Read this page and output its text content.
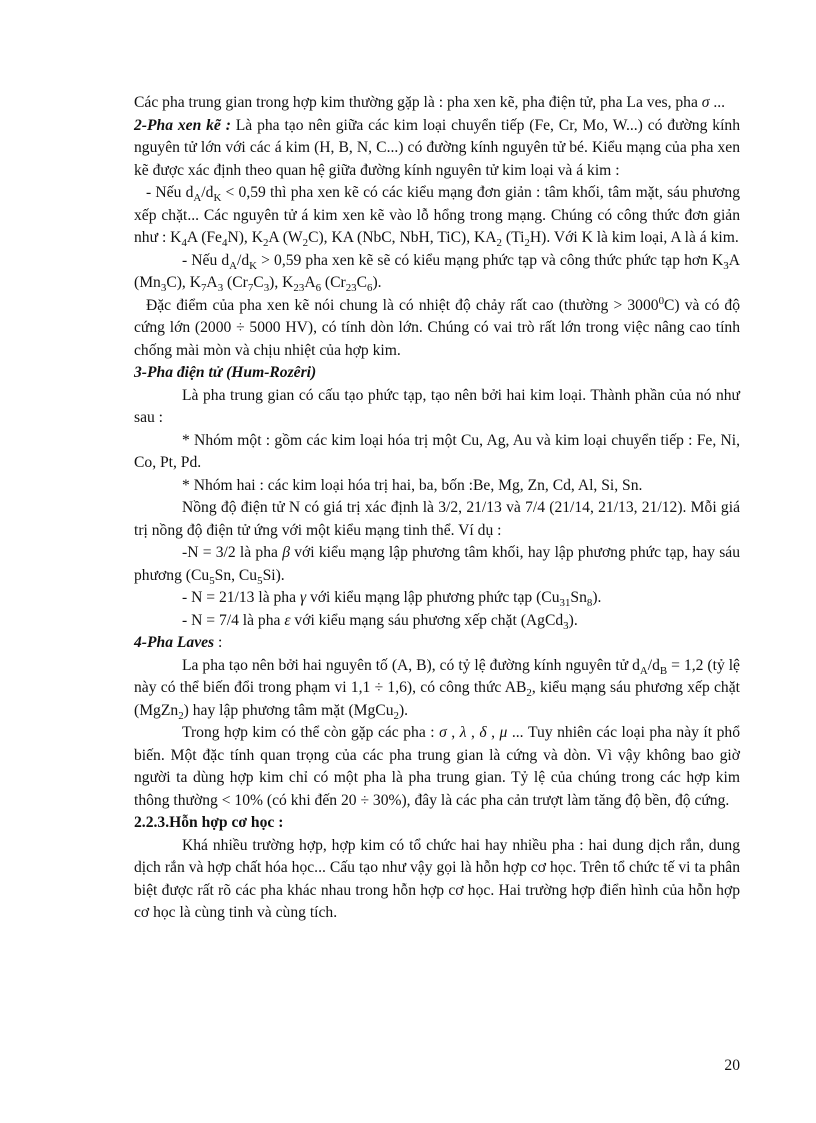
Các pha trung gian trong hợp kim thường gặp là : pha xen kẽ, pha điện tử, pha La ves, pha σ ...

2-Pha xen kẽ : Là pha tạo nên giữa các kim loại chuyển tiếp (Fe, Cr, Mo, W...) có đường kính nguyên tử lớn với các á kim (H, B, N, C...) có đường kính nguyên tử bé. Kiểu mạng của pha xen kẽ được xác định theo quan hệ giữa đường kính nguyên tử kim loại và á kim :

- Nếu $d_A/d_K < 0,59$ thì pha xen kẽ có các kiểu mạng đơn giản : tâm khối, tâm mặt, sáu phương xếp chặt... Các nguyên tử á kim xen kẽ vào lỗ hổng trong mạng. Chúng có công thức đơn giản như : $K_4A$ $(Fe_4N)$, $K_2A$ $(W_2C)$, KA (NbC, NbH, TiC), $KA_2$ $(Ti_2H)$. Với K là kim loại, A là á kim.

- Nếu $d_A/d_K > 0,59$ pha xen kẽ sẽ có kiểu mạng phức tạp và công thức phức tạp hơn $K_3A$ $(Mn_3C)$, $K_7A_3$ $(Cr_7C_3)$, $K_{23}A_6$ $(Cr_{23}C_6)$.

Đặc điểm của pha xen kẽ nói chung là có nhiệt độ chảy rất cao (thường > $3000^0C$) và có độ cứng lớn (2000 ÷ 5000 HV), có tính dòn lớn. Chúng có vai trò rất lớn trong việc nâng cao tính chống mài mòn và chịu nhiệt của hợp kim.

3-Pha điện tử (Hum-Rozêri)

Là pha trung gian có cấu tạo phức tạp, tạo nên bởi hai kim loại. Thành phần của nó như sau :

* Nhóm một : gồm các kim loại hóa trị một Cu, Ag, Au và kim loại chuyển tiếp : Fe, Ni, Co, Pt, Pd.

* Nhóm hai : các kim loại hóa trị hai, ba, bốn :Be, Mg, Zn, Cd, Al, Si, Sn.

Nồng độ điện tử N có giá trị xác định là 3/2, 21/13 và 7/4 (21/14, 21/13, 21/12). Mỗi giá trị nồng độ điện tử ứng với một kiểu mạng tinh thể. Ví dụ :

-N = 3/2 là pha β với kiểu mạng lập phương tâm khối, hay lập phương phức tạp, hay sáu phương ($Cu_5Sn$, $Cu_5Si$).

- N = 21/13 là pha γ với kiểu mạng lập phương phức tạp $(Cu_{31}Sn_8)$.

- N = 7/4 là pha ε với kiểu mạng sáu phương xếp chặt (AgCd$_3$).

4-Pha Laves :

La pha tạo nên bởi hai nguyên tố (A, B), có tỷ lệ đường kính nguyên tử $d_A/d_B = 1,2$ (tỷ lệ này có thể biến đổi trong phạm vi 1,1 ÷ 1,6), có công thức $AB_2$, kiểu mạng sáu phương xếp chặt (MgZn$_2$) hay lập phương tâm mặt (MgCu$_2$).

Trong hợp kim có thể còn gặp các pha : σ , λ , δ , μ ... Tuy nhiên các loại pha này ít phổ biến. Một đặc tính quan trọng của các pha trung gian là cứng và dòn. Vì vậy không bao giờ người ta dùng hợp kim chỉ có một pha là pha trung gian. Tỷ lệ của chúng trong các hợp kim thông thường < 10% (có khi đến 20 ÷ 30%), đây là các pha cản trượt làm tăng độ bền, độ cứng.

2.2.3.Hỗn hợp cơ học :

Khá nhiều trường hợp, hợp kim có tổ chức hai hay nhiều pha : hai dung dịch rắn, dung dịch rắn và hợp chất hóa học... Cấu tạo như vậy gọi là hỗn hợp cơ học. Trên tổ chức tế vi ta phân biệt được rất rõ các pha khác nhau trong hỗn hợp cơ học. Hai trường hợp điển hình của hỗn hợp cơ học là cùng tinh và cùng tích.

20
